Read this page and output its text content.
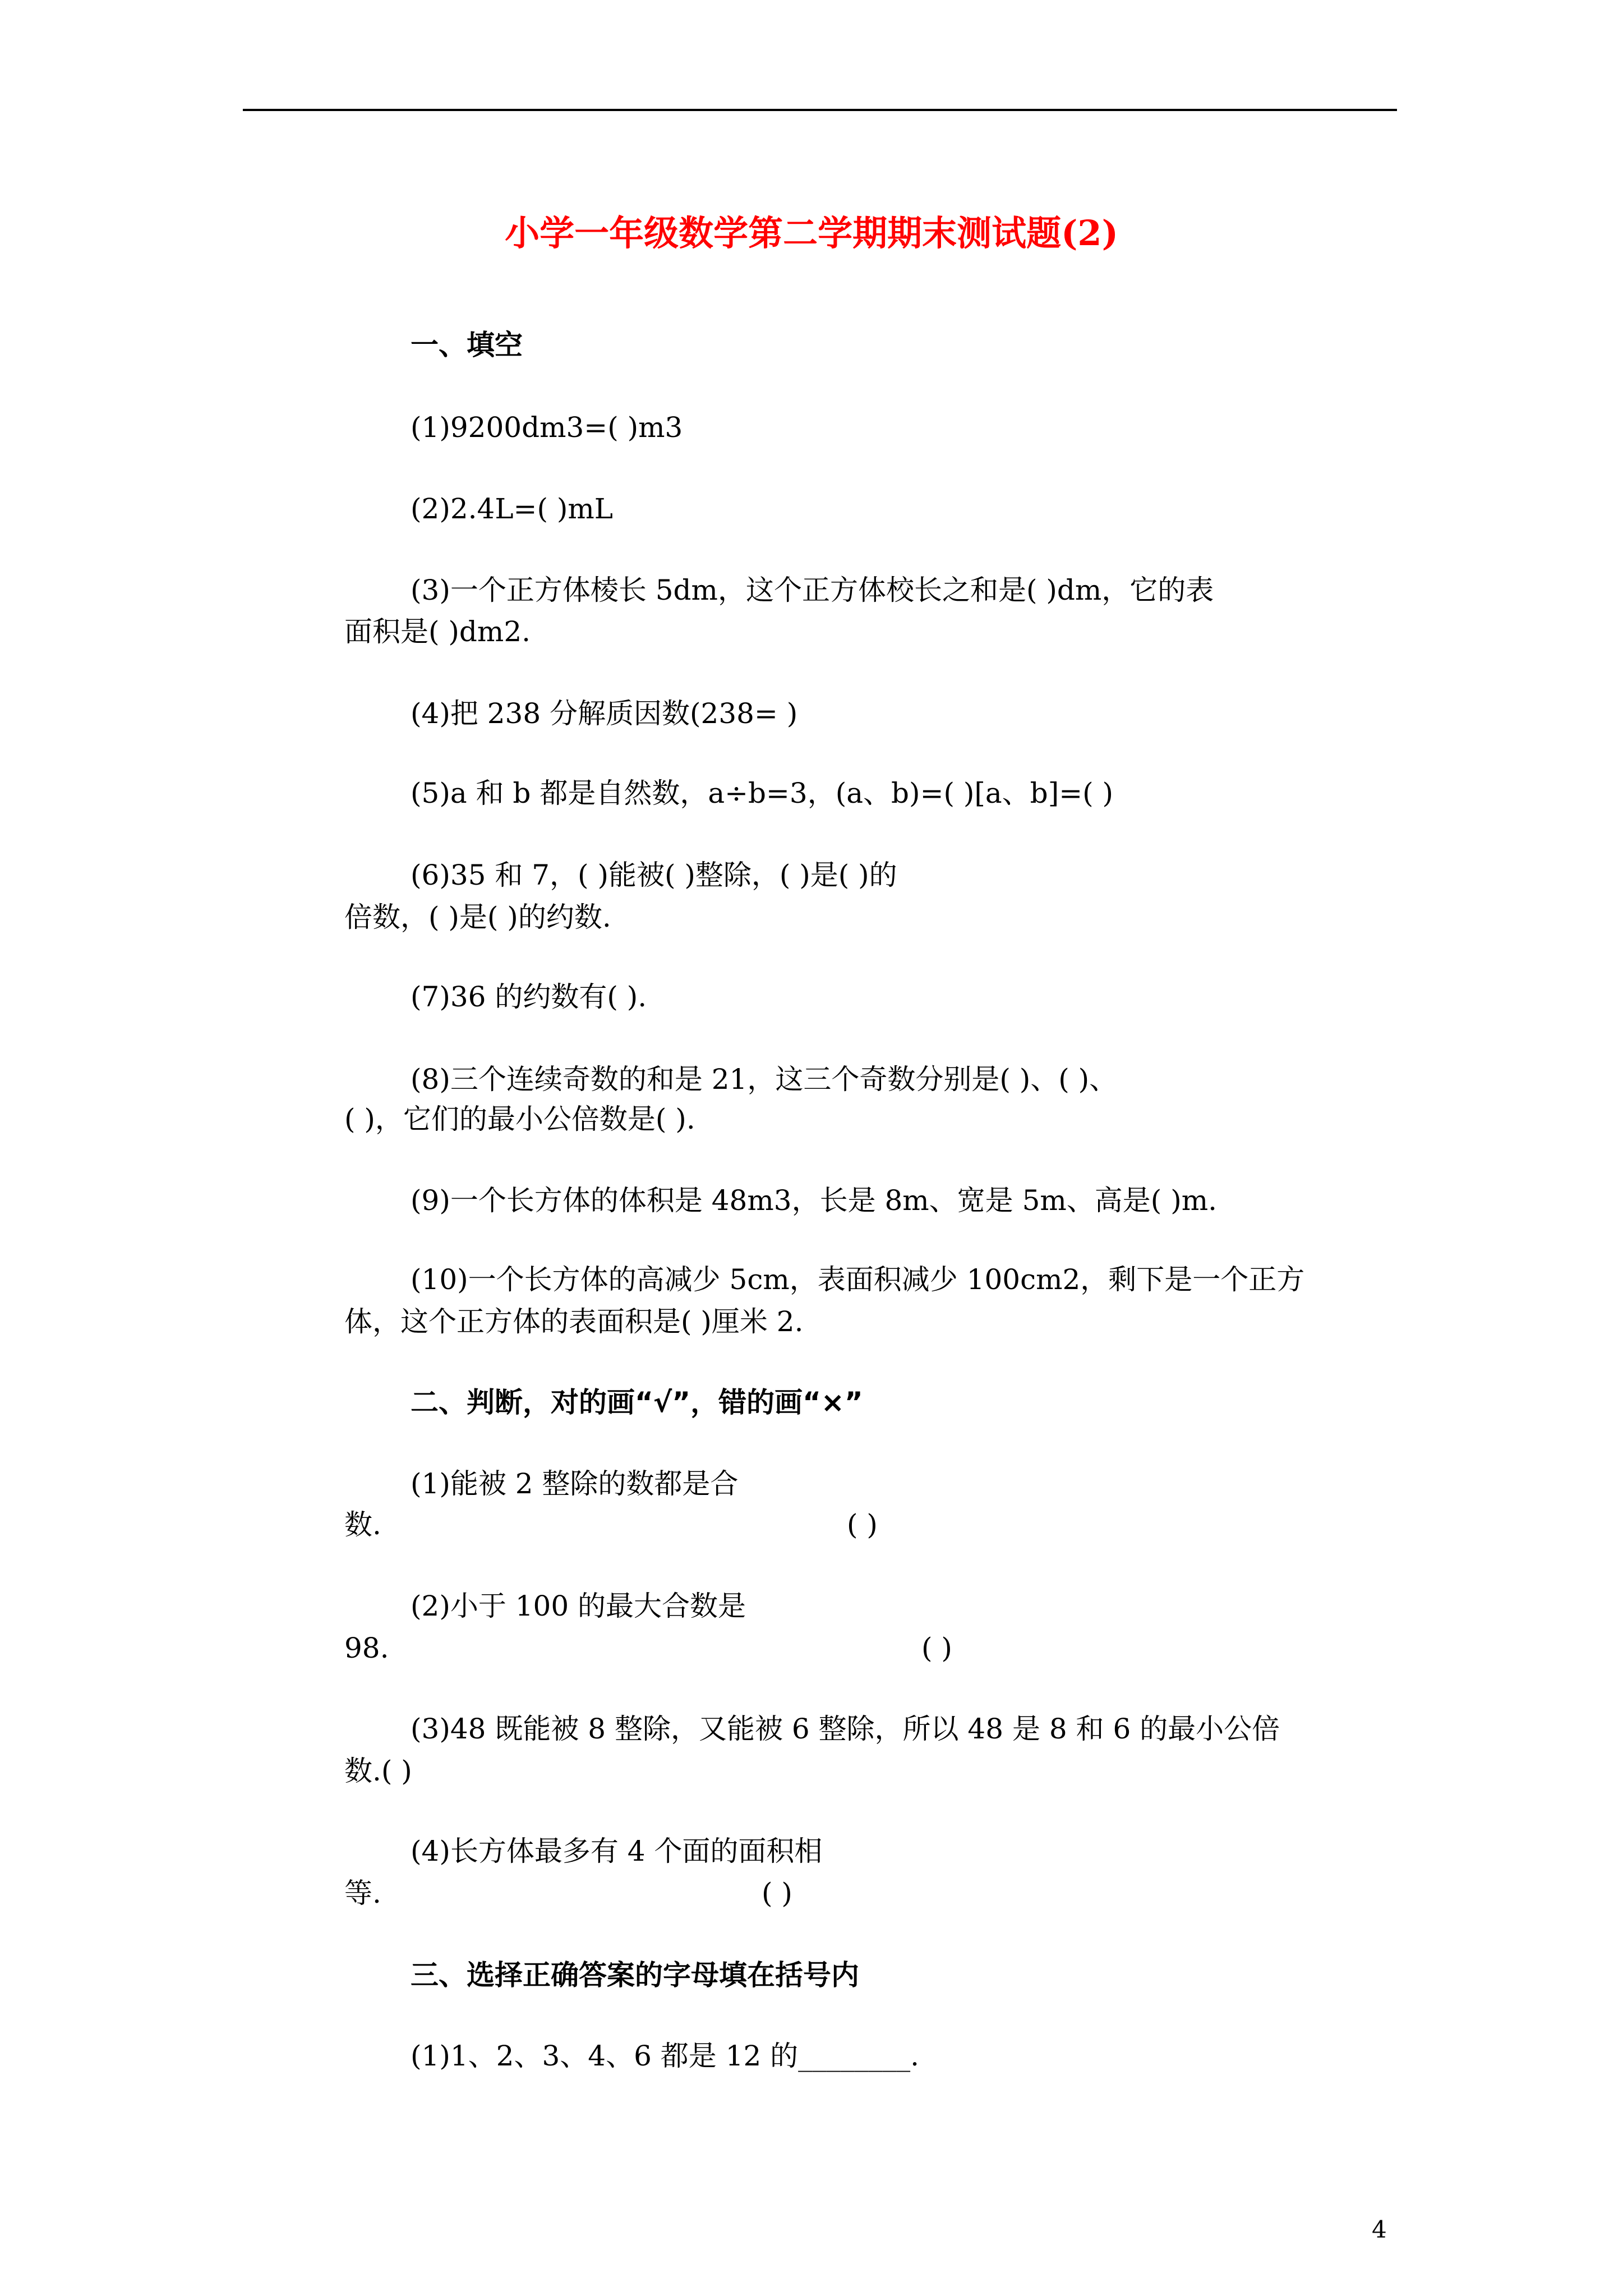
小学一年级数学第二学期期末测试题(2)
一、填空
(1)9200dm3=( )m3
(2)2.4L=( )mL
(3)一个正方体棱长 5dm，这个正方体校长之和是( )dm，它的表
面积是( )dm2.
(4)把 238 分解质因数(238= )
(5)a 和 b 都是自然数，a÷b=3，(a、b)=( )[a、b]=( )
(6)35 和 7，( )能被( )整除，( )是( )的
倍数，( )是( )的约数.
(7)36 的约数有( ).
(8)三个连续奇数的和是 21，这三个奇数分别是( )、( )、
( )，它们的最小公倍数是( ).
(9)一个长方体的体积是 48m3，长是 8m、宽是 5m、高是( )m.
(10)一个长方体的高减少 5cm，表面积减少 100cm2，剩下是一个正方
体，这个正方体的表面积是( )厘米 2.
二、判断，对的画“√”，错的画“×”
(1)能被 2 整除的数都是合
数.	( )
(2)小于 100 的最大合数是
98.	( )
(3)48 既能被 8 整除，又能被 6 整除，所以 48 是 8 和 6 的最小公倍
数.( )
(4)长方体最多有 4 个面的面积相
等.	( )
三、选择正确答案的字母填在括号内
(1)1、2、3、4、6 都是 12 的________.
4
